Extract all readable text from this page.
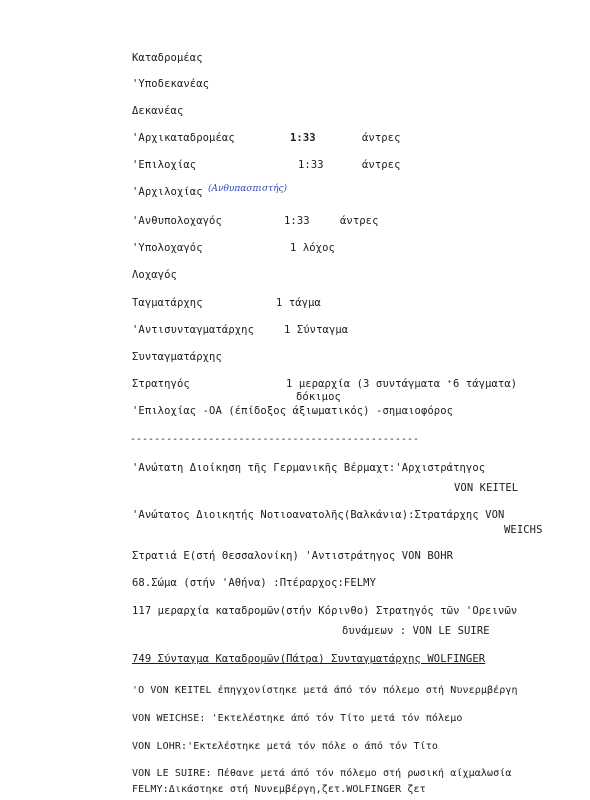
Καταδρομέας
'Υποδεκανέας
Δεκανέας
'Αρχικαταδρομέας	1:33	άντρες
'Επιλοχίας	1:33	άντρες
'Αρχιλοχίας (Ανθυπασπιστής)
'Ανθυπολοχαγός	1:33	άντρες
'Υπολοχαγός	1 λόχος
Λοχαγός
Ταγματάρχης	1 τάγμα
'Αντισυνταγματάρχης	1 Σύνταγμα
Συνταγματάρχης
Στρατηγός	1 μεραρχία (3 συντάγματα ⁺6 τάγματα)
δόκιμος
'Επιλοχίας -ΟΑ (έπίδοξος άξιωματικός) -σημαιοφόρος
------------------------------------------------
'Ανώτατη Διοίκηση τῆς Γερμανικῆς Βέρμαχτ:'Αρχιστράτηγος
VON KEITEL
'Ανώτατος Διοικητής Νοτιοανατολῆς(Βαλκάνια):Στρατάρχης VON
WEICHS
Στρατιά Ε(στή Θεσσαλονίκη) 'Αντιστράτηγος VON BOHR
68.Σώμα (στήν 'Αθήνα) :Πτέραρχος:FELMY
117 μεραρχία καταδρομῶν(στήν Κόρινθο) Στρατηγός τῶν 'Ορεινῶν
δυνάμεων : VON LE SUIRE
749 Σύνταγμα Καταδρομῶν(Πάτρα) Συνταγματάρχης WOLFINGER
'Ο VON KEITEL έπηγχονίστηκε μετά άπό τόν πόλεμο στή Νυνερμβέργη
VON WEICHSE: 'Εκτελέστηκε άπό τόν Τίτο μετά τόν πόλεμο
VON LOHR:'Εκτελέστηκε μετά τόν πόλε ο άπό τόν Τίτο
VON LE SUIRE: Πέθανε μετά άπό τόν πόλεμο στή ρωσική αίχμαλωσία
FELMY:Δικάστηκε στή Νυνεμβέργη,ζετ.WOLFINGER ζετ
